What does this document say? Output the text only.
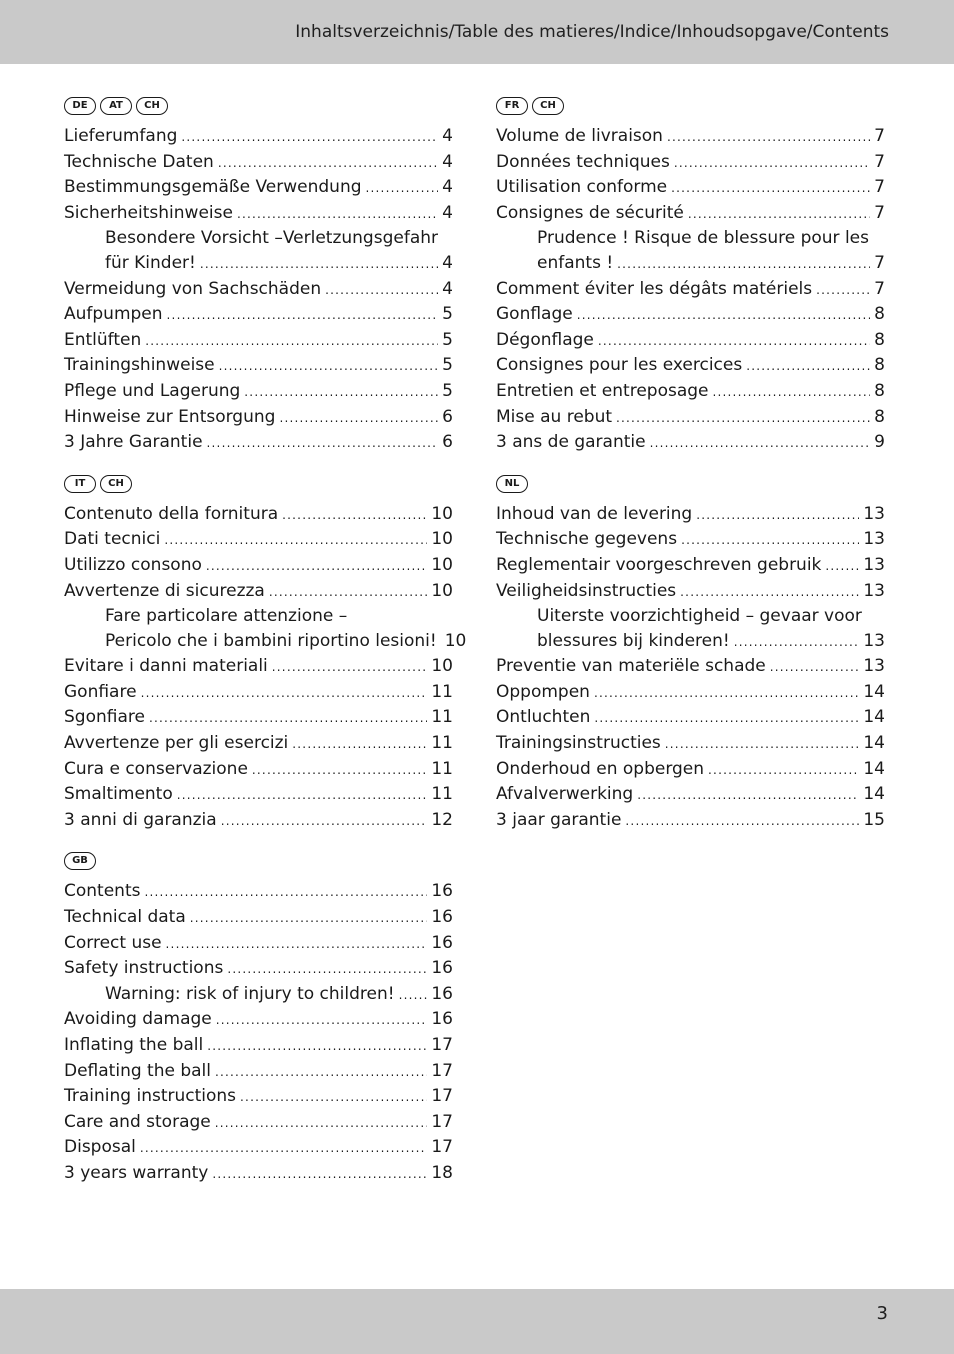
Inhaltsverzeichnis/Table des matieres/Indice/Inhoudsopgave/Contents
DE	AT	CH
Lieferumfang .....	4
Technische Daten .....	4
Bestimmungsgemäße Verwendung .....	4
Sicherheitshinweise .....	4
Besondere Vorsicht –Verletzungsgefahr
für Kinder! .....	4
Vermeidung von Sachschäden .....	4
Aufpumpen .....	5
Entlüften .....	5
Trainingshinweise .....	5
Pflege und Lagerung .....	5
Hinweise zur Entsorgung .....	6
3 Jahre Garantie .....	6
IT	CH
Contenuto della fornitura .....	10
Dati tecnici .....	10
Utilizzo consono .....	10
Avvertenze di sicurezza .....	10
Fare particolare attenzione –
Pericolo che i bambini riportino lesioni! 10
Evitare i danni materiali .....	10
Gonfiare .....	11
Sgonfiare .....	11
Avvertenze per gli esercizi .....	11
Cura e conservazione .....	11
Smaltimento .....	11
3 anni di garanzia .....	12
GB
Contents .....	16
Technical data .....	16
Correct use .....	16
Safety instructions .....	16
Warning: risk of injury to children! ..... 16
Avoiding damage .....	16
Inflating the ball .....	17
Deflating the ball .....	17
Training instructions .....	17
Care and storage .....	17
Disposal .....	17
3 years warranty .....	18
FR	CH
Volume de livraison .....	7
Données techniques .....	7
Utilisation conforme .....	7
Consignes de sécurité .....	7
Prudence ! Risque de blessure pour les
enfants ! .....	7
Comment éviter les dégâts matériels .....	7
Gonflage .....	8
Dégonflage .....	8
Consignes pour les exercices .....	8
Entretien et entreposage .....	8
Mise au rebut .....	8
3 ans de garantie .....	9
NL
Inhoud van de levering .....	13
Technische gegevens .....	13
Reglementair voorgeschreven gebruik ..... 13
Veiligheidsinstructies .....	13
Uiterste voorzichtigheid – gevaar voor
blessures bij kinderen! .....	13
Preventie van materiële schade .....	13
Oppompen .....	14
Ontluchten .....	14
Trainingsinstructies .....	14
Onderhoud en opbergen .....	14
Afvalverwerking .....	14
3 jaar garantie .....	15
3
